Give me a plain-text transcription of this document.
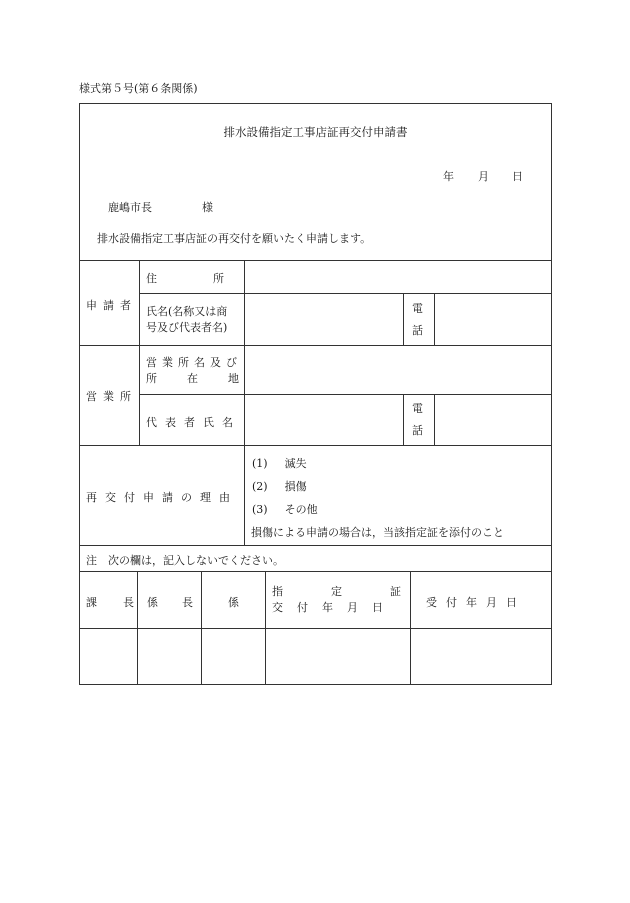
様式第５号(第６条関係)
排水設備指定工事店証再交付申請書
年 月 日
鹿嶋市長	様
排水設備指定工事店証の再交付を願いたく申請します。
申請者
住所
氏名(名称又は商
号及び代表者名)
電話
営業所
営業所名及び
所在地
代表者氏名
電話
再交付申請の理由
(1) 滅失
(2) 損傷
(3) その他
損傷による申請の場合は，当該指定証を添付のこと
注　次の欄は，記入しないでください。
課長
係長 係
指定証
交付年月日	受付年月日
